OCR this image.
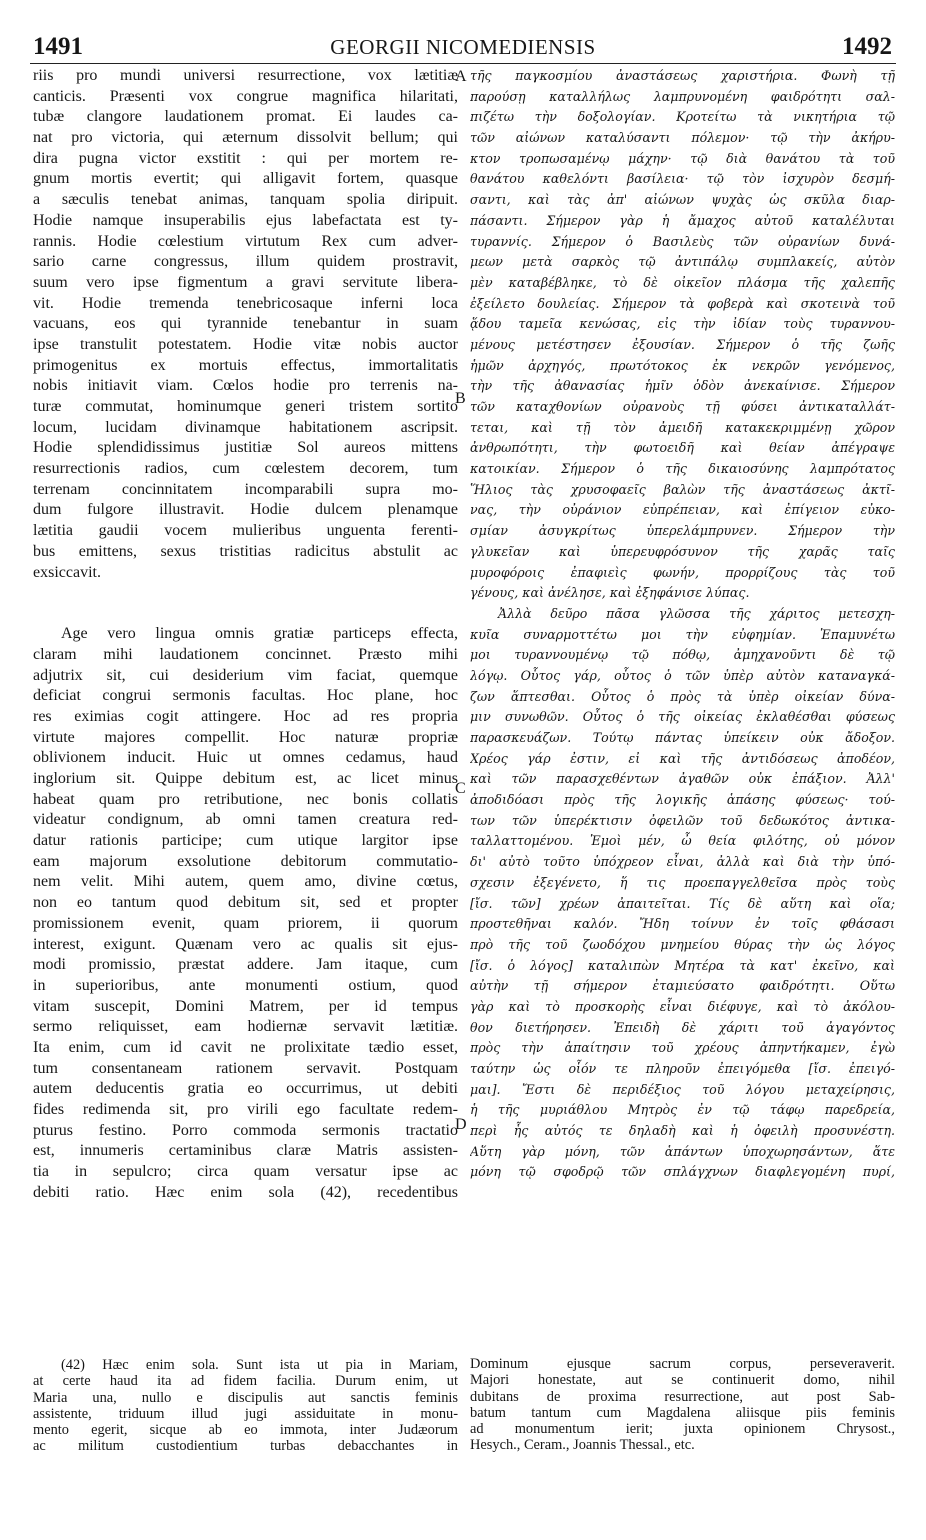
1491	GEORGII NICOMEDIENSIS	1492
A
B
C
D
riis pro mundi universi resurrectione, vox lætitiæ
canticis. Præsenti vox congrue magnifica hilaritati,
tubæ clangore laudationem promat. Ei laudes ca-
nat pro victoria, qui æternum dissolvit bellum; qui
dira pugna victor exstitit : qui per mortem re-
gnum mortis evertit; qui alligavit fortem, quasque
a sæculis tenebat animas, tanquam spolia diripuit.
Hodie namque insuperabilis ejus labefactata est ty-
rannis. Hodie cœlestium virtutum Rex cum adver-
sario carne congressus, illum quidem prostravit,
suum vero ipse figmentum a gravi servitute libera-
vit. Hodie tremenda tenebricosaque inferni loca
vacuans, eos qui tyrannide tenebantur in suam
ipse transtulit potestatem. Hodie vitæ nobis auctor
primogenitus ex mortuis effectus, immortalitatis
nobis initiavit viam. Cœlos hodie pro terrenis na-
turæ commutat, hominumque generi tristem sortito
locum, lucidam divinamque habitationem ascripsit.
Hodie splendidissimus justitiæ Sol aureos mittens
resurrectionis radios, cum cœlestem decorem, tum
terrenam concinnitatem incomparabili supra mo-
dum fulgore illustravit. Hodie dulcem plenamque
lætitia gaudii vocem mulieribus unguenta ferenti-
bus emittens, sexus tristitias radicitus abstulit ac
exsiccavit.
Age vero lingua omnis gratiæ particeps effecta,
claram mihi laudationem concinnet. Præsto mihi
adjutrix sit, cui desiderium vim faciat, quemque
deficiat congrui sermonis facultas. Hoc plane, hoc
res eximias cogit attingere. Hoc ad res propria
virtute majores compellit. Hoc naturæ propriæ
oblivionem inducit. Huic ut omnes cedamus, haud
inglorium sit. Quippe debitum est, ac licet minus
habeat quam pro retributione, nec bonis collatis
videatur condignum, ab omni tamen creatura red-
datur rationis participe; cum utique largitor ipse
eam majorum exsolutione debitorum commutatio-
nem velit. Mihi autem, quem amo, divine cœtus,
non eo tantum quod debitum sit, sed et propter
promissionem evenit, quam priorem, ii quorum
interest, exigunt. Quænam vero ac qualis sit ejus-
modi promissio, præstat addere. Jam itaque, cum
in superioribus, ante monumenti ostium, quod
vitam suscepit, Domini Matrem, per id tempus
sermo reliquisset, eam hodiernæ servavit lætitiæ.
Ita enim, cum id cavit ne prolixitate tædio esset,
tum consentaneam rationem servavit. Postquam
autem deducentis gratia eo occurrimus, ut debiti
fides redimenda sit, pro virili ego facultate redem-
pturus festino. Porro commoda sermonis tractatio
est, innumeris certaminibus claræ Matris assisten-
tia in sepulcro; circa quam versatur ipse ac
debiti ratio. Hæc enim sola (42), recedentibus
τῆς παγκοσμίου ἀναστάσεως χαριστήρια. Φωνὴ τῇ
παρούσῃ καταλλήλως λαμπρυνομένη φαιδρότητι σαλ-
πιζέτω τὴν δοξολογίαν. Κροτείτω τὰ νικητήρια τῷ
τῶν αἰώνων καταλύσαντι πόλεμον· τῷ τὴν ἀκήρυ-
κτον τροπωσαμένῳ μάχην· τῷ διὰ θανάτου τὰ τοῦ
θανάτου καθελόντι βασίλεια· τῷ τὸν ἰσχυρὸν δεσμή-
σαντι, καὶ τὰς ἀπ' αἰώνων ψυχὰς ὡς σκῦλα διαρ-
πάσαντι. Σήμερον γὰρ ἡ ἄμαχος αὐτοῦ καταλέλυται
τυραννίς. Σήμερον ὁ Βασιλεὺς τῶν οὐρανίων δυνά-
μεων μετὰ σαρκὸς τῷ ἀντιπάλῳ συμπλακείς, αὐτὸν
μὲν καταβέβληκε, τὸ δὲ οἰκεῖον πλάσμα τῆς χαλεπῆς
ἐξείλετο δουλείας. Σήμερον τὰ φοβερὰ καὶ σκοτεινὰ τοῦ
ᾅδου ταμεῖα κενώσας, εἰς τὴν ἰδίαν τοὺς τυραννου-
μένους μετέστησεν ἐξουσίαν. Σήμερον ὁ τῆς ζωῆς
ἡμῶν ἀρχηγός, πρωτότοκος ἐκ νεκρῶν γενόμενος,
τὴν τῆς ἀθανασίας ἡμῖν ὁδὸν ἀνεκαίνισε. Σήμερον
τῶν καταχθονίων οὐρανοὺς τῇ φύσει ἀντικαταλλάτ-
τεται, καὶ τῇ τὸν ἀμειδῆ κατακεκριμμένῃ χῶρον
ἀνθρωπότητι, τὴν φωτοειδῆ καὶ θείαν ἀπέγραψε
κατοικίαν. Σήμερον ὁ τῆς δικαιοσύνης λαμπρότατος
Ἥλιος τὰς χρυσοφαεῖς βαλὼν τῆς ἀναστάσεως ἀκτῖ-
νας, τὴν οὐράνιον εὐπρέπειαν, καὶ ἐπίγειον εὐκο-
σμίαν ἀσυγκρίτως ὑπερελάμπρυνεν. Σήμερον τὴν
γλυκεῖαν καὶ ὑπερευφρόσυνον τῆς χαρᾶς ταῖς
μυροφόροις ἐπαφιεὶς φωνήν, προρρίζους τὰς τοῦ
γένους, καὶ ἀνέλησε, καὶ ἐξηφάνισε λύπας.
Ἀλλὰ δεῦρο πᾶσα γλῶσσα τῆς χάριτος μετεσχη-
κυῖα συναρμοττέτω μοι τὴν εὐφημίαν. Ἐπαμυνέτω
μοι τυραννουμένῳ τῷ πόθῳ, ἀμηχανοῦντι δὲ τῷ
λόγῳ. Οὗτος γάρ, οὗτος ὁ τῶν ὑπὲρ αὐτὸν καταναγκά-
ζων ἅπτεσθαι. Οὗτος ὁ πρὸς τὰ ὑπὲρ οἰκείαν δύνα-
μιν συνωθῶν. Οὗτος ὁ τῆς οἰκείας ἐκλαθέσθαι φύσεως
παρασκευάζων. Τούτῳ πάντας ὑπείκειν οὐκ ἄδοξον.
Χρέος γάρ ἐστιν, εἰ καὶ τῆς ἀντιδόσεως ἀποδέον,
καὶ τῶν παρασχεθέντων ἀγαθῶν οὐκ ἐπάξιον. Ἀλλ'
ἀποδιδόασι πρὸς τῆς λογικῆς ἁπάσης φύσεως· τού-
των τῶν ὑπερέκτισιν ὀφειλῶν τοῦ δεδωκότος ἀντικα-
ταλλαττομένου. Ἐμοὶ μέν, ὦ θεία φιλότης, οὐ μόνον
δι' αὐτὸ τοῦτο ὑπόχρεον εἶναι, ἀλλὰ καὶ διὰ τὴν ὑπό-
σχεσιν ἐξεγένετο, ἥ τις προεπαγγελθεῖσα πρὸς τοὺς
[ἴσ. τῶν] χρέων ἀπαιτεῖται. Τίς δὲ αὕτη καὶ οἵα;
προστεθῆναι καλόν. Ἤδη τοίνυν ἐν τοῖς φθάσασι
πρὸ τῆς τοῦ ζωοδόχου μνημείου θύρας τὴν ὡς λόγος
[ἴσ. ὁ λόγος] καταλιπὼν Μητέρα τὰ κατ' ἐκεῖνο, καὶ
αὐτὴν τῇ σήμερον ἐταμιεύσατο φαιδρότητι. Οὕτω
γὰρ καὶ τὸ προσκορὴς εἶναι διέφυγε, καὶ τὸ ἀκόλου-
θον διετήρησεν. Ἐπειδὴ δὲ χάριτι τοῦ ἀγαγόντος
πρὸς τὴν ἀπαίτησιν τοῦ χρέους ἀπηντήκαμεν, ἐγὼ
ταύτην ὡς οἷόν τε πληροῦν ἐπειγόμεθα [ἴσ. ἐπειγό-
μαι]. Ἔστι δὲ περιδέξιος τοῦ λόγου μεταχείρησις,
ἡ τῆς μυριάθλου Μητρὸς ἐν τῷ τάφῳ παρεδρεία,
περὶ ἧς αὐτός τε δηλαδὴ καὶ ἡ ὀφειλὴ προσυνέστη.
Αὕτη γὰρ μόνη, τῶν ἁπάντων ὑποχωρησάντων, ἅτε
μόνη τῷ σφοδρῷ τῶν σπλάγχνων διαφλεγομένη πυρί,
(42) Hæc enim sola. Sunt ista ut pia in Mariam,
at certe haud ita ad fidem facilia. Durum enim, ut
Maria una, nullo e discipulis aut sanctis feminis
assistente, triduum illud jugi assiduitate in monu-
mento egerit, sicque ab eo immota, inter Judæorum
ac militum custodientium turbas debacchantes in
Dominum ejusque sacrum corpus, perseveraverit.
Majori honestate, aut se continuerit domo, nihil
dubitans de proxima resurrectione, aut post Sab-
batum tantum cum Magdalena aliisque piis feminis
ad monumentum ierit; juxta opinionem Chrysost.,
Hesych., Ceram., Joannis Thessal., etc.
